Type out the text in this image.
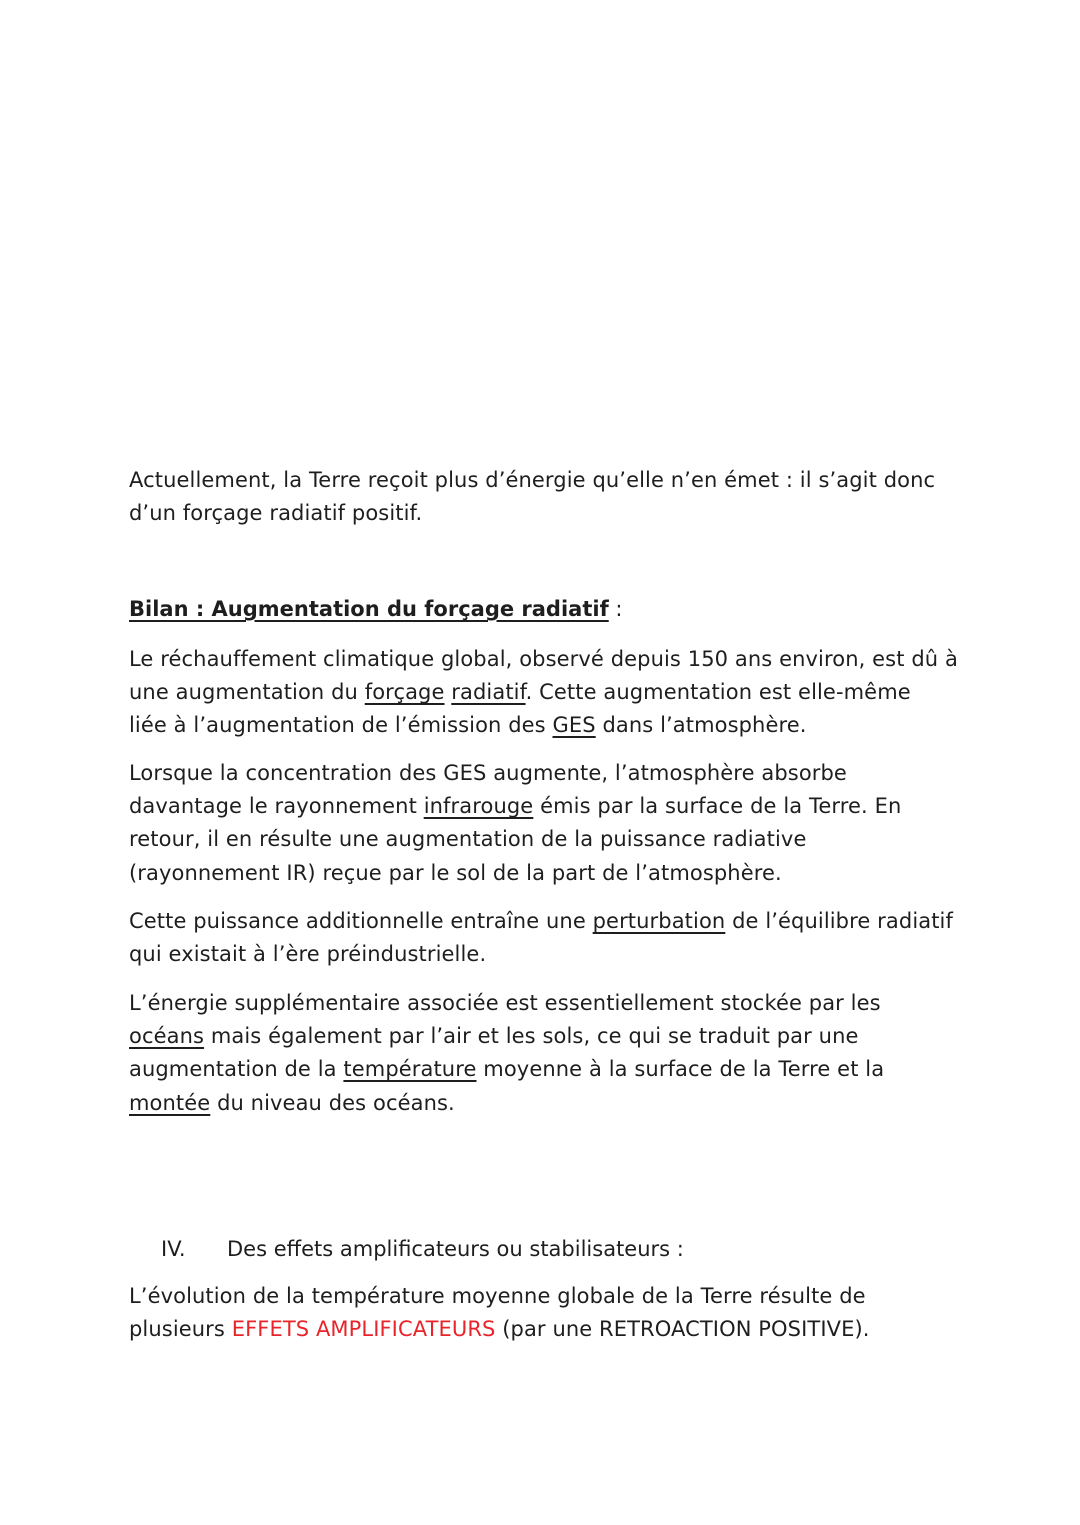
Actuellement, la Terre reçoit plus d’énergie qu’elle n’en émet : il s’agit donc
d’un forçage radiatif positif.

Bilan : Augmentation du forçage radiatif :

Le réchauffement climatique global, observé depuis 150 ans environ, est dû à
une augmentation du forçage radiatif. Cette augmentation est elle-même
liée à l’augmentation de l’émission des GES dans l’atmosphère.

Lorsque la concentration des GES augmente, l’atmosphère absorbe
davantage le rayonnement infrarouge émis par la surface de la Terre. En
retour, il en résulte une augmentation de la puissance radiative
(rayonnement IR) reçue par le sol de la part de l’atmosphère.

Cette puissance additionnelle entraîne une perturbation de l’équilibre radiatif
qui existait à l’ère préindustrielle.

L’énergie supplémentaire associée est essentiellement stockée par les
océans mais également par l’air et les sols, ce qui se traduit par une
augmentation de la température moyenne à la surface de la Terre et la
montée du niveau des océans.

IV. Des effets amplificateurs ou stabilisateurs :

L’évolution de la température moyenne globale de la Terre résulte de
plusieurs EFFETS AMPLIFICATEURS (par une RETROACTION POSITIVE).
